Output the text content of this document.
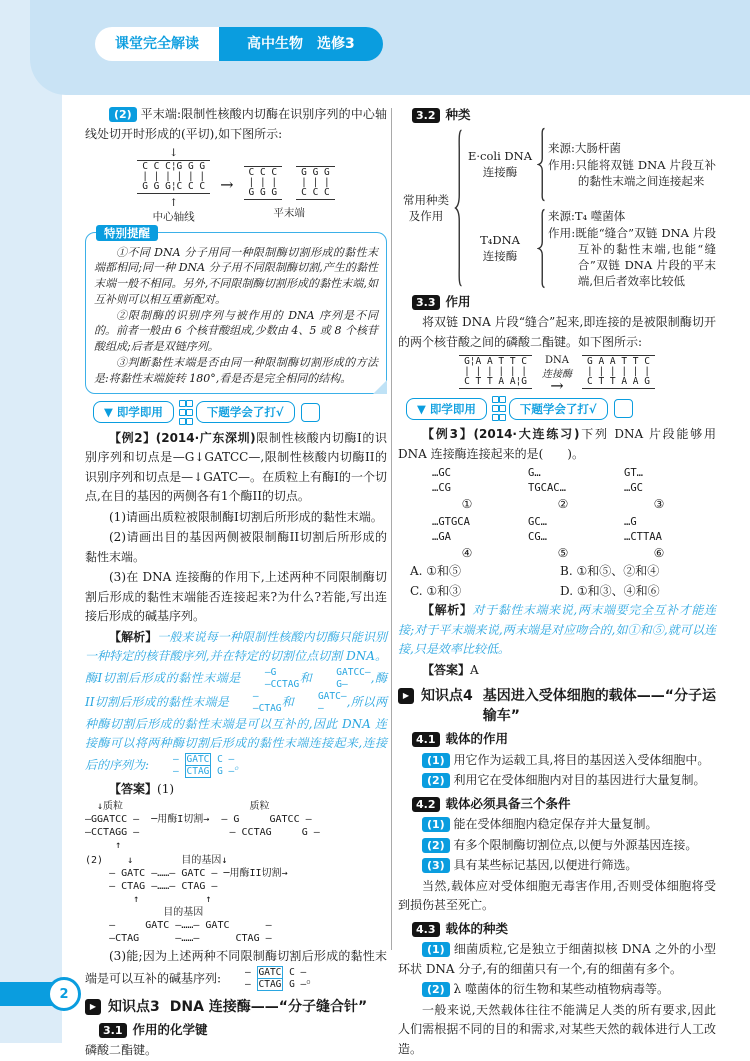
课堂完全解读	高中生物　选修3

(2) 平末端:限制性核酸内切酶在识别序列的中心轴线处切开时形成的(平切),如下图所示:

↓
C C C¦G G G
| | | | | |
G G G¦C C C
↑
中心轴线
→
C C C
| | |
G G G
G G G
| | |
C C C
平末端
特别提醒

①不同 DNA 分子用同一种限制酶切割形成的黏性末端都相同;同一种 DNA 分子用不同限制酶切割,产生的黏性末端一般不相同。另外,不同限制酶切割形成的黏性末端,如互补则可以相互重新配对。

②限制酶的识别序列与被作用的 DNA 序列是不同的。前者一般由 6 个核苷酸组成,少数由 4、5 或 8 个核苷酸组成;后者是双链序列。

③判断黏性末端是否由同一种限制酶切割形成的方法是:将黏性末端旋转 180°,看是否是完全相同的结构。

▼ 即学即用	下题学会了打√

【例2】(2014·广东深圳)限制性核酸内切酶I的识别序列和切点是—G↓GATCC—,限制性核酸内切酶II的识别序列和切点是—↓GATC—。在质粒上有酶I的一个切点,在目的基因的两侧各有1个酶II的切点。

(1)请画出质粒被限制酶I切割后所形成的黏性末端。

(2)请画出目的基因两侧被限制酶II切割后所形成的黏性末端。

(3)在 DNA 连接酶的作用下,上述两种不同限制酶切割后形成的黏性末端能否连接起来?为什么?若能,写出连接后形成的碱基序列。

【解析】一般来说每一种限制性核酸内切酶只能识别一种特定的核苷酸序列,并在特定的切割位点切割 DNA。酶I切割后形成的黏性末端是	—G
—CCTAG 和	GATCC—
G—	,酶II切割后形成的黏性末端是	—
—CTAG 和	GATC—
—	,所以两种酶切割后形成的黏性末端是可以互补的,因此 DNA 连接酶可以将两种酶切割后形成的黏性末端连接起来,连接后的序列为:	— GATC C —
— CTAG G — 。

【答案】(1)

↓质粒                     质粒
—GGATCC —  ─用酶I切割→  — G     GATCC —
—CCTAGG —               — CCTAG     G —
↑
(2)    ↓        目的基因↓
— GATC —……— GATC — ─用酶II切割→
— CTAG —……— CTAG —
↑           ↑
目的基因
—     GATC —……— GATC      —
—CTAG      —……—      CTAG —

(3)能;因为上述两种不同限制酶切割后形成的黏性末端是可以互补的碱基序列:	— GATC C —
— CTAG G — 。

▶ 知识点3 DNA 连接酶——“分子缝合针”
3.1 作用的化学键

磷酸二酯键。

3.2 种类
常用种类
及作用
E·coli DNA
连接酶

来源:大肠杆菌

作用:只能将双链 DNA 片段互补的黏性末端之间连接起来

T₄DNA
连接酶

来源:T₄ 噬菌体

作用:既能“缝合”双链 DNA 片段互补的黏性末端,也能“缝合”双链 DNA 片段的平末端,但后者效率比较低

3.3 作用

将双链 DNA 片段“缝合”起来,即连接的是被限制酶切开的两个核苷酸之间的磷酸二酯键。如下图所示:

G¦A A T T C
| | | | | |
C T T A A¦G
DNA
连接酶
→
G A A T T C
| | | | | |
C T T A A G
▼ 即学即用	下题学会了打√

【例3】(2014·大连练习)下列 DNA 片段能够用 DNA 连接酶连接起来的是(　　)。

…GC
…CG
①
G…
TGCAC…
②
GT…
…GC
③
…GTGCA
…GA
④
GC…
CG…
⑤
…G
…CTTAA
⑥
A. ①和⑤	B. ①和⑤、②和④
C. ①和③	D. ①和③、④和⑥

【解析】对于黏性末端来说,两末端要完全互补才能连接;对于平末端来说,两末端是对应吻合的,如①和⑤,就可以连接,只是效率比较低。

【答案】A

▶ 知识点4 基因进入受体细胞的载体——“分子运输车”
4.1 载体的作用

(1) 用它作为运载工具,将目的基因送入受体细胞中。

(2) 利用它在受体细胞内对目的基因进行大量复制。

4.2 载体必须具备三个条件

(1) 能在受体细胞内稳定保存并大量复制。

(2) 有多个限制酶切割位点,以便与外源基因连接。

(3) 具有某些标记基因,以便进行筛选。

当然,载体应对受体细胞无毒害作用,否则受体细胞将受到损伤甚至死亡。

4.3 载体的种类

(1) 细菌质粒,它是独立于细菌拟核 DNA 之外的小型环状 DNA 分子,有的细菌只有一个,有的细菌有多个。

(2) λ 噬菌体的衍生物和某些动植物病毒等。

一般来说,天然载体往往不能满足人类的所有要求,因此人们需根据不同的目的和需求,对某些天然的载体进行人工改造。

2
